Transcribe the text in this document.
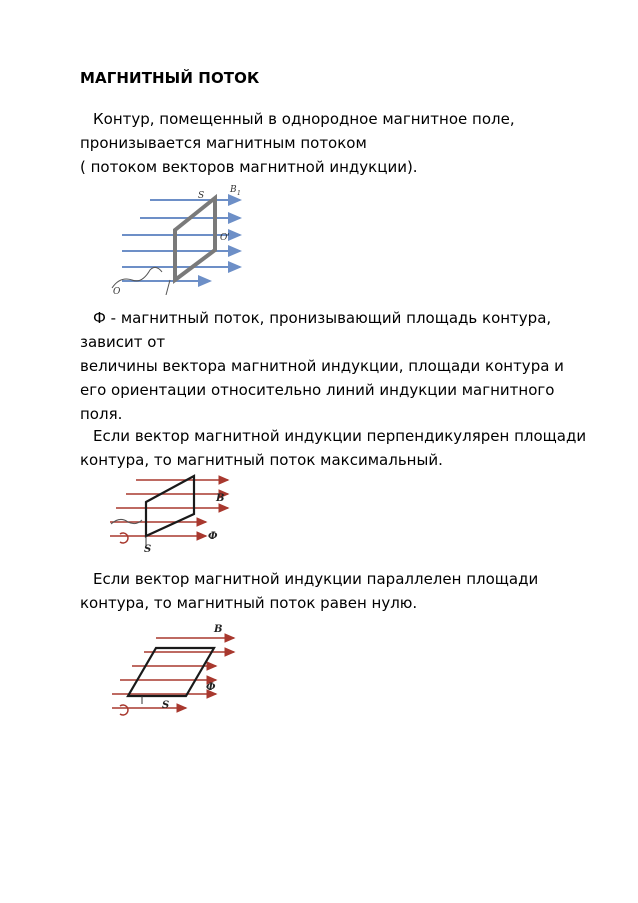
МАГНИТНЫЙ ПОТОК
Контур, помещенный в однородное магнитное поле,
пронизывается магнитным потоком
( потоком векторов магнитной индукции).
S
B 1
O'
O
Ф - магнитный поток, пронизывающий площадь контура,
зависит от
величины вектора магнитной индукции, площади контура и
его ориентации относительно линий индукции магнитного
поля.
Если вектор магнитной индукции перпендикулярен площади
контура, то магнитный поток максимальный.
B
Ф
S
Если вектор магнитной индукции параллелен площади
контура, то магнитный поток равен нулю.
B
Ф
S
